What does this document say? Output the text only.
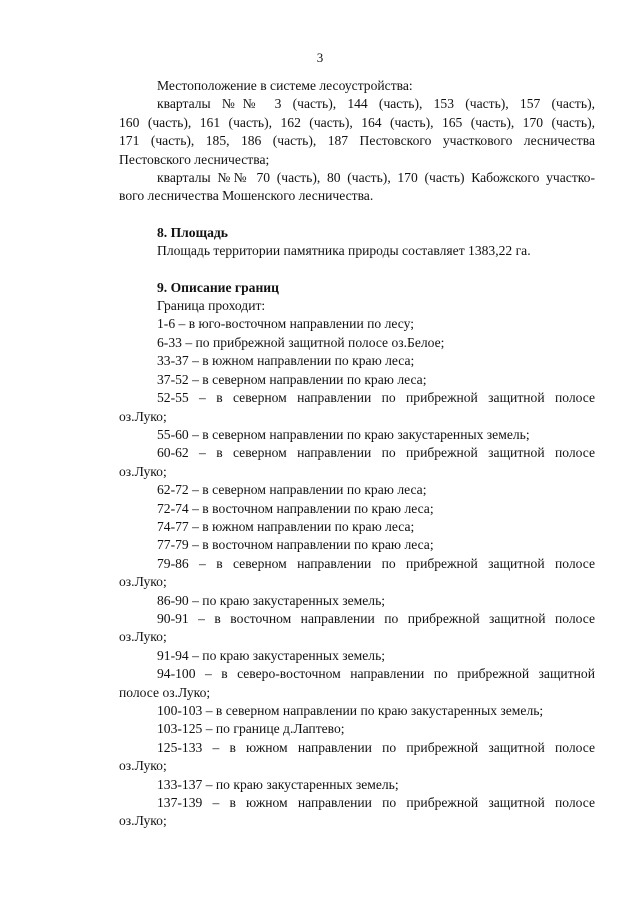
3

Местоположение в системе лесоустройства:

кварталы №№ 3 (часть), 144 (часть), 153 (часть), 157 (часть),

160 (часть), 161 (часть), 162 (часть), 164 (часть), 165 (часть), 170 (часть),

171 (часть), 185, 186 (часть), 187 Пестовского участкового лесничества

Пестовского лесничества;

кварталы №№ 70 (часть), 80 (часть), 170 (часть) Кабожского участко-

вого лесничества Мошенского лесничества.

8. Площадь

Площадь территории памятника природы составляет 1383,22 га.

9. Описание границ

Граница проходит:

1-6 – в юго-восточном направлении по лесу;

6-33 – по прибрежной защитной полосе оз.Белое;

33-37 – в южном направлении по краю леса;

37-52 – в северном направлении по краю леса;

52-55 – в северном направлении по прибрежной защитной полосе

оз.Луко;

55-60 – в северном направлении по краю закустаренных земель;

60-62 – в северном направлении по прибрежной защитной полосе

оз.Луко;

62-72 – в северном направлении по краю леса;

72-74 – в восточном направлении по краю леса;

74-77 – в южном направлении по краю леса;

77-79 – в восточном направлении по краю леса;

79-86 – в северном направлении по прибрежной защитной полосе

оз.Луко;

86-90 – по краю закустаренных земель;

90-91 – в восточном направлении по прибрежной защитной полосе

оз.Луко;

91-94 – по краю закустаренных земель;

94-100 – в северо-восточном направлении по прибрежной защитной

полосе оз.Луко;

100-103 – в северном направлении по краю закустаренных земель;

103-125 – по границе д.Лаптево;

125-133 – в южном направлении по прибрежной защитной полосе

оз.Луко;

133-137 – по краю закустаренных земель;

137-139 – в южном направлении по прибрежной защитной полосе

оз.Луко;
